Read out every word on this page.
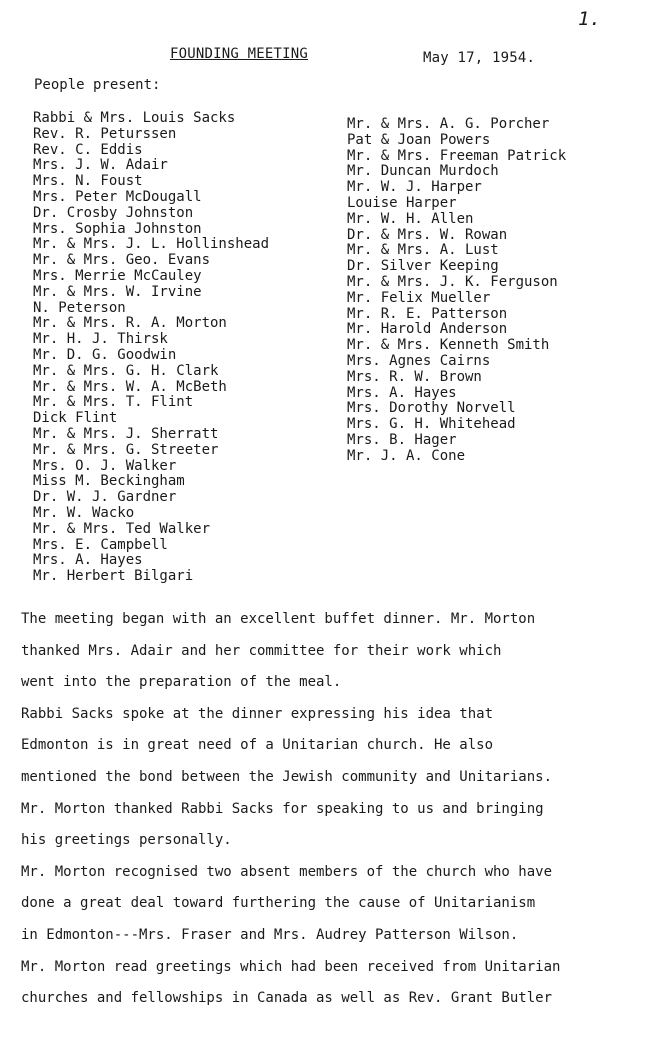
1.
FOUNDING MEETING	May 17, 1954.
People present:
Rabbi & Mrs. Louis Sacks
Rev. R. Peturssen
Rev. C. Eddis
Mrs. J. W. Adair
Mrs. N. Foust
Mrs. Peter McDougall
Dr. Crosby Johnston
Mrs. Sophia Johnston
Mr. & Mrs. J. L. Hollinshead
Mr. & Mrs. Geo. Evans
Mrs. Merrie McCauley
Mr. & Mrs. W. Irvine
N. Peterson
Mr. & Mrs. R. A. Morton
Mr. H. J. Thirsk
Mr. D. G. Goodwin
Mr. & Mrs. G. H. Clark
Mr. & Mrs. W. A. McBeth
Mr. & Mrs. T. Flint
Dick Flint
Mr. & Mrs. J. Sherratt
Mr. & Mrs. G. Streeter
Mrs. O. J. Walker
Miss M. Beckingham
Dr. W. J. Gardner
Mr. W. Wacko
Mr. & Mrs. Ted Walker
Mrs. E. Campbell
Mrs. A. Hayes
Mr. Herbert Bilgari
Mr. & Mrs. A. G. Porcher
Pat & Joan Powers
Mr. & Mrs. Freeman Patrick
Mr. Duncan Murdoch
Mr. W. J. Harper
Louise Harper
Mr. W. H. Allen
Dr. & Mrs. W. Rowan
Mr. & Mrs. A. Lust
Dr. Silver Keeping
Mr. & Mrs. J. K. Ferguson
Mr. Felix Mueller
Mr. R. E. Patterson
Mr. Harold Anderson
Mr. & Mrs. Kenneth Smith
Mrs. Agnes Cairns
Mrs. R. W. Brown
Mrs. A. Hayes
Mrs. Dorothy Norvell
Mrs. G. H. Whitehead
Mrs. B. Hager
Mr. J. A. Cone

The meeting began with an excellent buffet dinner. Mr. Morton

thanked Mrs. Adair and her committee for their work which

went into the preparation of the meal.

Rabbi Sacks spoke at the dinner expressing his idea that

Edmonton is in great need of a Unitarian church. He also

mentioned the bond between the Jewish community and Unitarians.

Mr. Morton thanked Rabbi Sacks for speaking to us and bringing

his greetings personally.

Mr. Morton recognised two absent members of the church who have

done a great deal toward furthering the cause of Unitarianism

in Edmonton---Mrs. Fraser and Mrs. Audrey Patterson Wilson.

Mr. Morton read greetings which had been received from Unitarian

churches and fellowships in Canada as well as Rev. Grant Butler
